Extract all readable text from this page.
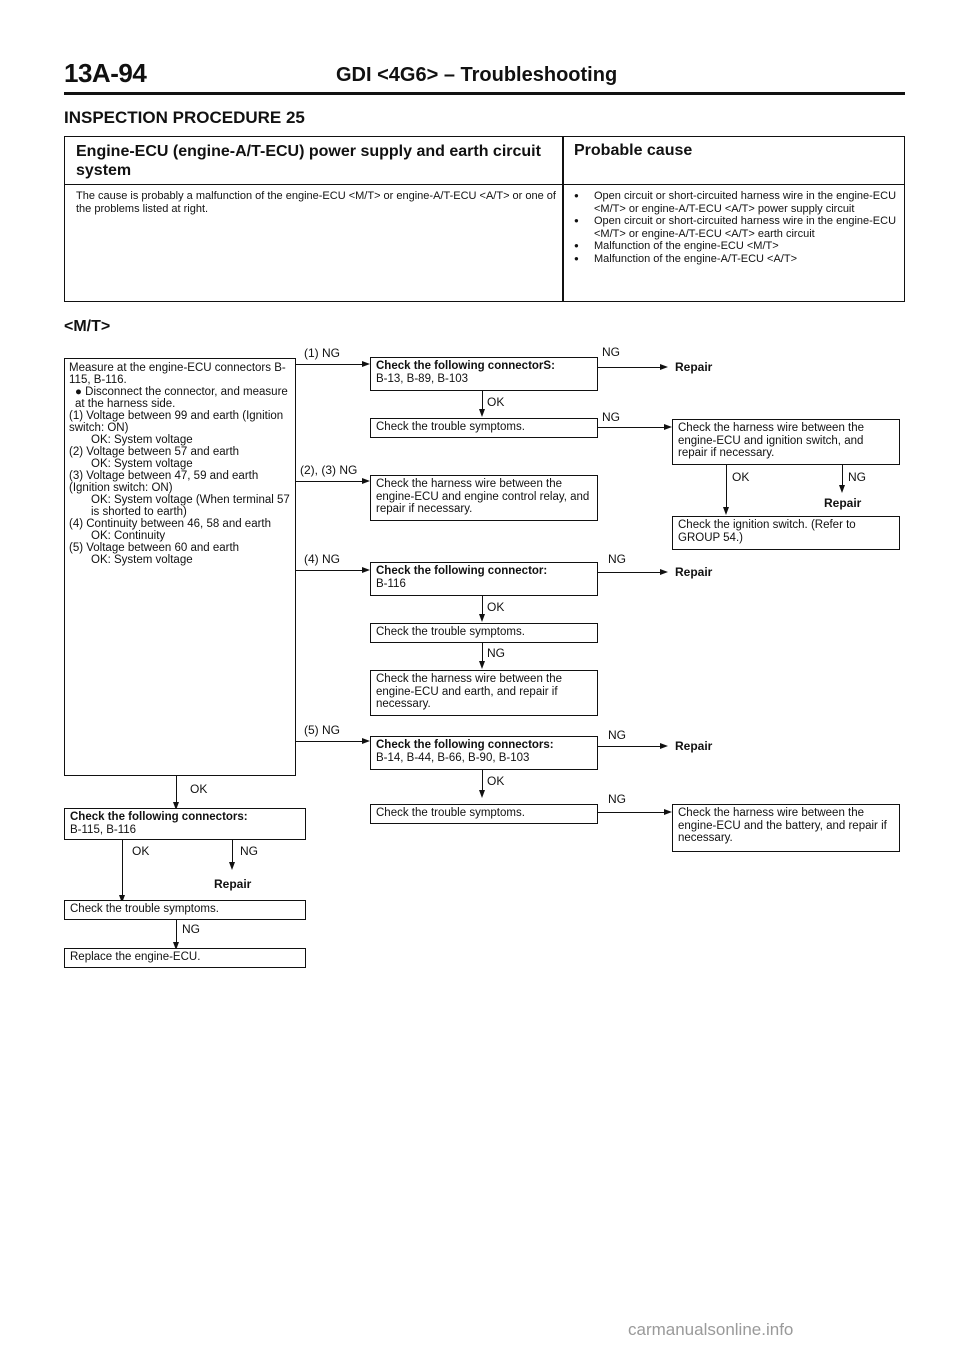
13A-94	GDI <4G6> – Troubleshooting
INSPECTION PROCEDURE 25
Engine-ECU (engine-A/T-ECU) power supply and earth circuit system
Probable cause
The cause is probably a malfunction of the engine-ECU <M/T> or engine-A/T-ECU <A/T> or one of the problems listed at right.
● Open circuit or short-circuited harness wire in the engine-ECU <M/T> or engine-A/T-ECU <A/T> power supply circuit
● Open circuit or short-circuited harness wire in the engine-ECU <M/T> or engine-A/T-ECU <A/T> earth circuit
● Malfunction of the engine-ECU <M/T>
● Malfunction of the engine-A/T-ECU <A/T>
<M/T>

Measure at the engine-ECU connectors B-115, B-116.

● Disconnect the connector, and measure at the harness side.

(1) Voltage between 99 and earth (Ignition switch: ON)

OK: System voltage

(2) Voltage between 57 and earth

OK: System voltage

(3) Voltage between 47, 59 and earth (Ignition switch: ON)

OK: System voltage (When terminal 57 is shorted to earth)

(4) Continuity between 46, 58 and earth

OK: Continuity

(5) Voltage between 60 and earth

OK: System voltage

(1) NG
(2), (3) NG
(4) NG
(5) NG
Check the following connectorS:
B-13, B-89, B-103
NG
Repair
OK
Check the trouble symptoms.
NG
Check the harness wire between the engine-ECU and ignition switch, and repair if necessary.
OK	NG
Repair
Check the harness wire between the engine-ECU and engine control relay, and repair if necessary.
Check the ignition switch. (Refer to GROUP 54.)
Check the following connector:
B-116
NG
Repair
OK
Check the trouble symptoms.
NG
Check the harness wire between the engine-ECU and earth, and repair if necessary.
Check the following connectors:
B-14, B-44, B-66, B-90, B-103
NG
Repair
OK
Check the trouble symptoms.
NG
Check the harness wire between the engine-ECU and the battery, and repair if necessary.
OK
Check the following connectors:
B-115, B-116
OK	NG
Repair
Check the trouble symptoms.
NG
Replace the engine-ECU.
carmanualsonline.info
